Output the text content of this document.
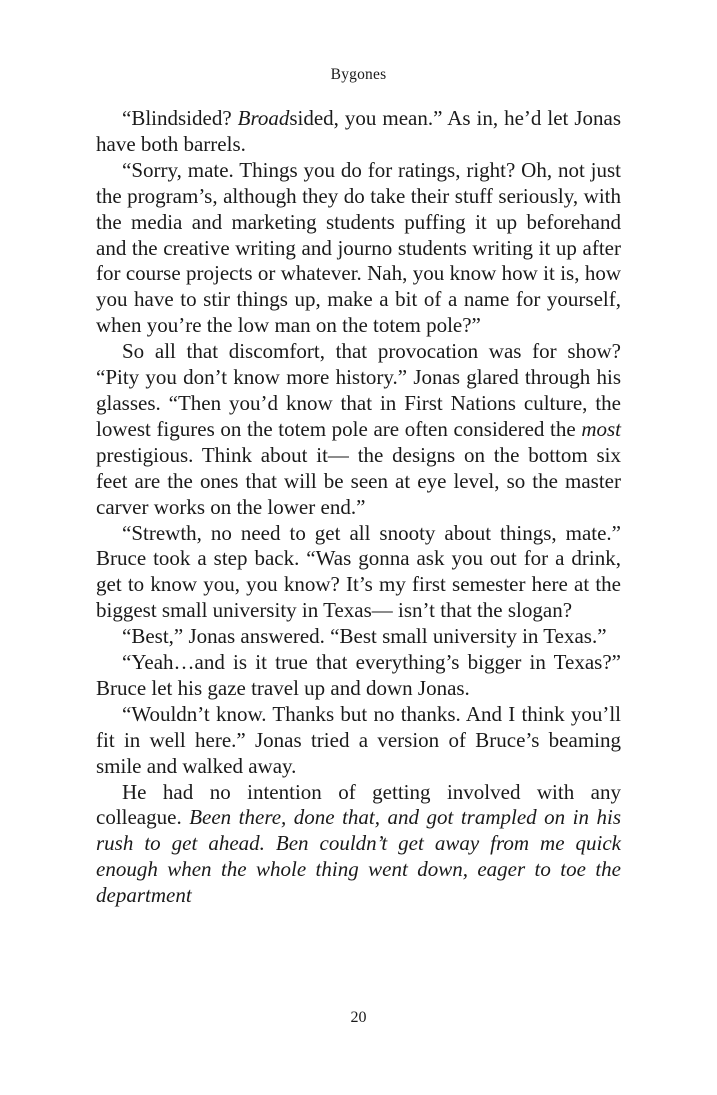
Bygones

“Blindsided? Broadsided, you mean.” As in, he’d let Jonas have both barrels.

“Sorry, mate. Things you do for ratings, right? Oh, not just the program’s, although they do take their stuff seriously, with the media and marketing students puffing it up beforehand and the creative writing and journo students writing it up after for course projects or whatever. Nah, you know how it is, how you have to stir things up, make a bit of a name for yourself, when you’re the low man on the totem pole?”

So all that discomfort, that provocation was for show? “Pity you don’t know more history.” Jonas glared through his glasses. “Then you’d know that in First Nations culture, the lowest figures on the totem pole are often considered the most prestigious. Think about it— the designs on the bottom six feet are the ones that will be seen at eye level, so the master carver works on the lower end.”

“Strewth, no need to get all snooty about things, mate.” Bruce took a step back. “Was gonna ask you out for a drink, get to know you, you know? It’s my first semester here at the biggest small university in Texas— isn’t that the slogan?

“Best,” Jonas answered. “Best small university in Texas.”

“Yeah…and is it true that everything’s bigger in Texas?” Bruce let his gaze travel up and down Jonas.

“Wouldn’t know. Thanks but no thanks. And I think you’ll fit in well here.” Jonas tried a version of Bruce’s beaming smile and walked away.

He had no intention of getting involved with any colleague. Been there, done that, and got trampled on in his rush to get ahead. Ben couldn’t get away from me quick enough when the whole thing went down, eager to toe the department

20
